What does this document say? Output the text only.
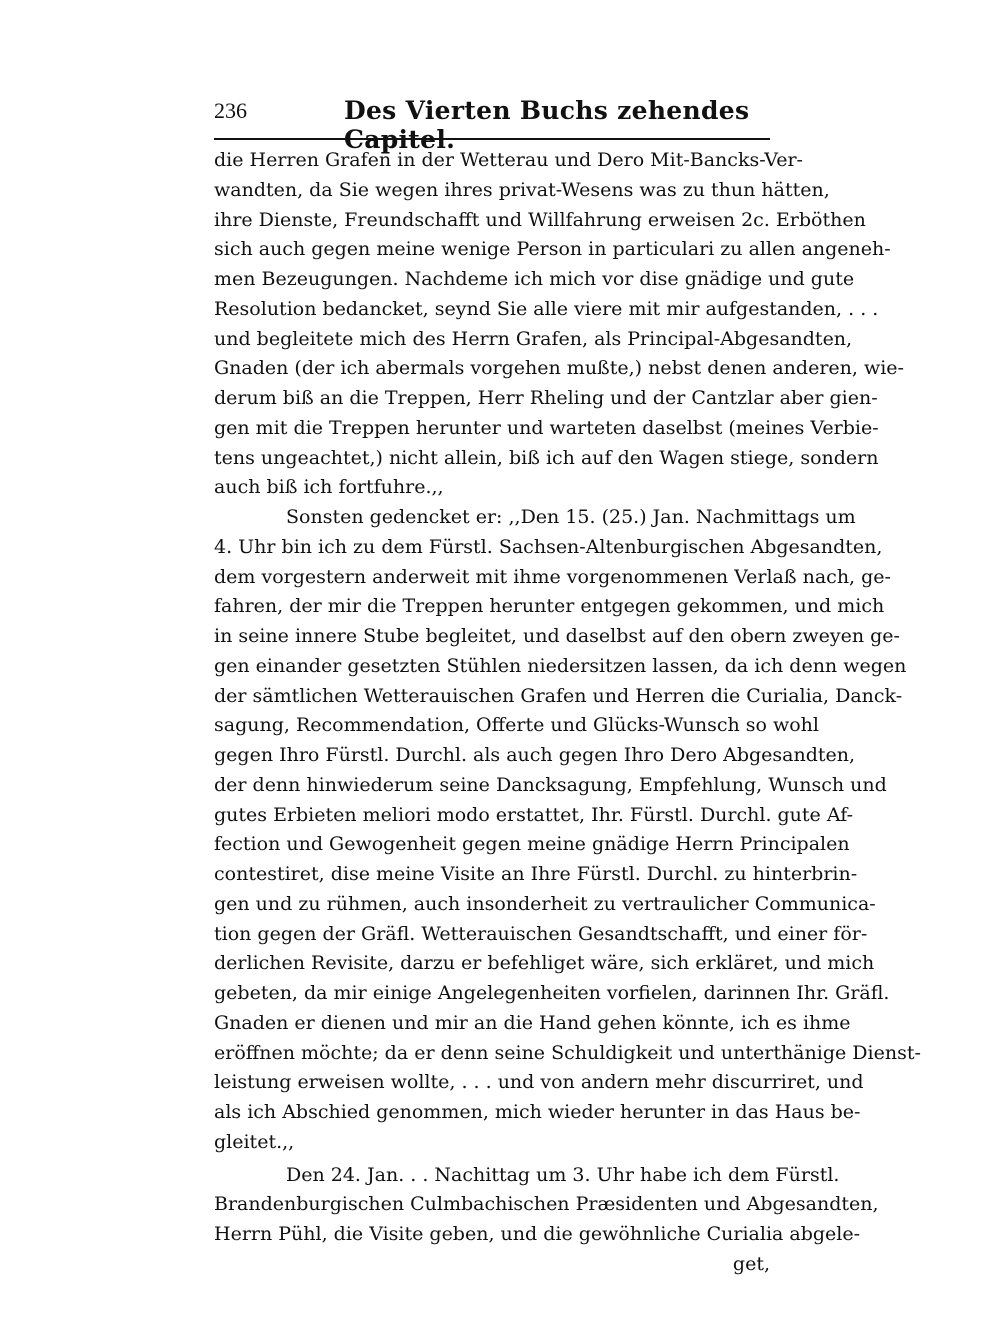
236	Des Vierten Buchs zehendes Capitel.
die Herren Grafen in der Wetterau und Dero Mit-Bancks-Ver-
wandten, da Sie wegen ihres privat-Wesens was zu thun hätten,
ihre Dienste, Freundschafft und Willfahrung erweisen 2c. Erböthen
sich auch gegen meine wenige Person in particulari zu allen angeneh-
men Bezeugungen. Nachdeme ich mich vor dise gnädige und gute
Resolution bedancket, seynd Sie alle viere mit mir aufgestanden, . . .
und begleitete mich des Herrn Grafen, als Principal-Abgesandten,
Gnaden (der ich abermals vorgehen mußte,) nebst denen anderen, wie-
derum biß an die Treppen, Herr Rheling und der Cantzlar aber gien-
gen mit die Treppen herunter und warteten daselbst (meines Verbie-
tens ungeachtet,) nicht allein, biß ich auf den Wagen stiege, sondern
auch biß ich fortfuhre.,,
Sonsten gedencket er: ,,Den 15. (25.) Jan. Nachmittags um
4. Uhr bin ich zu dem Fürstl. Sachsen-Altenburgischen Abgesandten,
dem vorgestern anderweit mit ihme vorgenommenen Verlaß nach, ge-
fahren, der mir die Treppen herunter entgegen gekommen, und mich
in seine innere Stube begleitet, und daselbst auf den obern zweyen ge-
gen einander gesetzten Stühlen niedersitzen lassen, da ich denn wegen
der sämtlichen Wetterauischen Grafen und Herren die Curialia, Danck-
sagung, Recommendation, Offerte und Glücks-Wunsch so wohl
gegen Ihro Fürstl. Durchl. als auch gegen Ihro Dero Abgesandten,
der denn hinwiederum seine Dancksagung, Empfehlung, Wunsch und
gutes Erbieten meliori modo erstattet, Ihr. Fürstl. Durchl. gute Af-
fection und Gewogenheit gegen meine gnädige Herrn Principalen
contestiret, dise meine Visite an Ihre Fürstl. Durchl. zu hinterbrin-
gen und zu rühmen, auch insonderheit zu vertraulicher Communica-
tion gegen der Gräfl. Wetterauischen Gesandtschafft, und einer för-
derlichen Revisite, darzu er befehliget wäre, sich erkläret, und mich
gebeten, da mir einige Angelegenheiten vorfielen, darinnen Ihr. Gräfl.
Gnaden er dienen und mir an die Hand gehen könnte, ich es ihme
eröffnen möchte; da er denn seine Schuldigkeit und unterthänige Dienst-
leistung erweisen wollte, . . . und von andern mehr discurriret, und
als ich Abschied genommen, mich wieder herunter in das Haus be-
gleitet.,,
Den 24. Jan. . . Nachittag um 3. Uhr habe ich dem Fürstl.
Brandenburgischen Culmbachischen Præsidenten und Abgesandten,
Herrn Pühl, die Visite geben, und die gewöhnliche Curialia abgele-
get,
